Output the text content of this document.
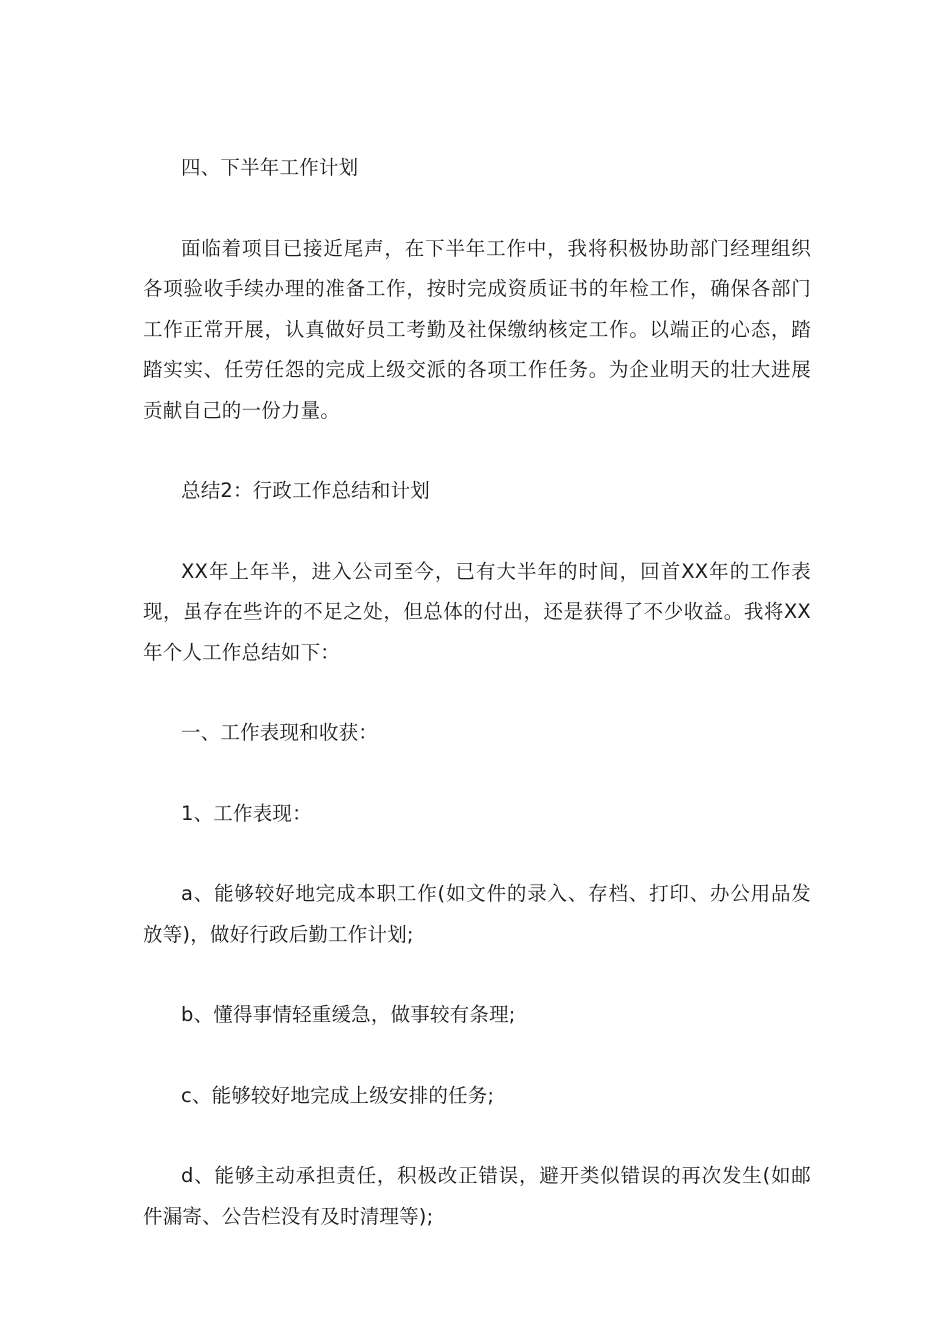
四、下半年工作计划

面临着项目已接近尾声，在下半年工作中，我将积极协助部门经理组织各项验收手续办理的准备工作，按时完成资质证书的年检工作，确保各部门工作正常开展，认真做好员工考勤及社保缴纳核定工作。以端正的心态，踏踏实实、任劳任怨的完成上级交派的各项工作任务。为企业明天的壮大进展贡献自己的一份力量。

总结2：行政工作总结和计划

XX年上年半，进入公司至今，已有大半年的时间，回首XX年的工作表现，虽存在些许的不足之处，但总体的付出，还是获得了不少收益。我将XX年个人工作总结如下：

一、工作表现和收获：

1、工作表现：

a、能够较好地完成本职工作(如文件的录入、存档、打印、办公用品发放等)，做好行政后勤工作计划;

b、懂得事情轻重缓急，做事较有条理;

c、能够较好地完成上级安排的任务;

d、能够主动承担责任，积极改正错误，避开类似错误的再次发生(如邮件漏寄、公告栏没有及时清理等);
